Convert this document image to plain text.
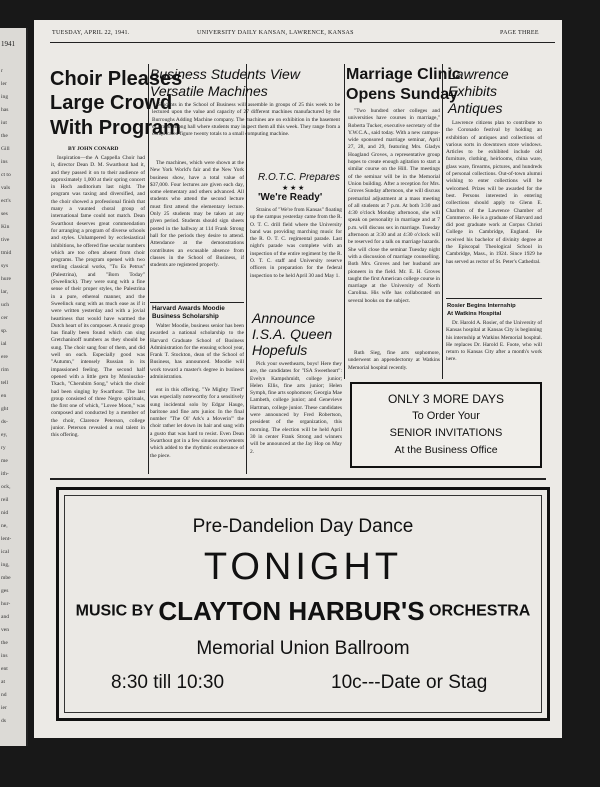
1941
r
ler
ing
has
iut
the
Gill
ins
ct to
vals
ect's
ses
Kin
tive
tmid
sys
hure
lar,
uch
cer
sp.
ial
ere
rim
tell
en
ght
ds-
ey,
ry
me
ith-
ock,
reil
nid
ne,
lent-
ical
ing,
mbe
ges
hur-
and
ven
the
ins
ent
at
nd
ier
ds
TUESDAY, APRIL 22, 1941.	UNIVERSITY DAILY KANSAN, LAWRENCE, KANSAS	PAGE THREE
Choir Pleases
Large Crowd
With Program
BY JOHN CONARD

Inspiration—the A Cappella Choir had it, director Dean D. M. Swarthout had it, and they passed it on to their audience of approximately 1,000 at their spring concert in Hoch auditorium last night. The program was taxing and diversified, and the choir showed a professional finish that many a vaunted choral group of international fame could not match. Dean Swarthout deserves great commendation for arranging a program of diverse schools and styles. Unhampered by ecclesiastical inhibitions, he offered fine secular numbers which are too often absent from choir programs. The program opened with two sterling classical works, "Tu Es Petrus" (Palestrina), and "Born Today" (Sweelinck). They were sung with a fine sense of their proper styles, the Palestrina in a pure, ethereal manner, and the Sweelinck sung with as much ease as if it were written yesterday and with a jovial heartiness that would have warmed the Dutch heart of its composer. A music group has finally been found which can sing Gretchaninoff numbers as they should be sung. The choir sang four of them, and did well on each. Especially good was "Autumn," intensely Russian in its impassioned feeling. The second half opened with a little gem by Moniuszko-Tkach, "Cherubim Song," which the choir had been singing by Swarthout. The last group consisted of three Negro spirituals, the first one of which, "Lovee Moon," was composed and conducted by a member of the choir, Clarence Peterson, college junior. Peterson revealed a real talent in this offering.

Business Students View
Versatile Machines

Students in the School of Business will assemble in groups of 25 this week to be lectured upon the value and capacity of 27 different machines manufactured by the Burroughs Adding Machine company. The machines are on exhibition in the basement of Frank Strong hall where students may inspect them all this week. They range from a complicated figure twenty totals to a small computing machine.

The machines, which were shown at the New York World's fair and the New York business show, have a total value of $37,000. Four lectures are given each day, some elementary and others advanced. All students who attend the second lecture must first attend the elementary lecture. Only 25 students may be taken at any given period. Students should sign sheets posted in the hallway at 114 Frank Strong hall for the periods they desire to attend. Attendance at the demonstrations contributes an excusable absence from classes in the School of Business, if students are registered properly.

Harvard Awards Moodie
Business Scholarship

Walter Moodie, business senior has been awarded a national scholarship to the Harvard Graduate School of Business Administration for the ensuing school year, Frank T. Stockton, dean of the School of Business, has announced. Moodie will work toward a master's degree in business administration.

ent in this offering. "Ye Mighty Tired" was especially noteworthy for a sensitively sung incidental solo by Edgar Hauge, baritone and fine arts junior. In the final number "The Ol' Ark's a Moverin'" the choir rather let down its hair and sang with a gusto that was hard to resist. Even Dean Swarthout got in a few sinuous movements which added to the rhythmic exuberance of the piece.

R.O.T.C. Prepares
★ ★ ★
'We're Ready'

Strains of "We're from Kansas" floating up the campus yesterday came from the R. O. T. C. drill field where the University band was providing marching music for the R. O. T. C. regimental parade. Last night's parade was complete with an inspection of the entire regiment by the R. O. T. C. staff and University reserve officers in preparation for the federal inspection to be held April 30 and May 1.

Announce
I.S.A. Queen
Hopefuls

Pick your sweethearts, boys! Here they are, the candidates for "ISA Sweetheart": Evelyn Kampshmidt, college junior; Helen Ellis, fine arts junior; Helen Symph, fine arts sophomore; Georgia Mae Lambeth, college junior; and Genevieve Hartman, college junior. These candidates were announced by Fred Robertson, president of the organization, this morning. The election will be held April 30 in center Frank Strong and winners will be announced at the Jay Hop on May 2.

Marriage Clinic
Opens Sunday

"Two hundred other colleges and universities have courses in marriage," Roberta Tucker, executive secretary of the Y.W.C.A., said today. With a new campus-wide sponsored marriage seminar, April 27, 28, and 29, featuring Mrs. Gladys Hoagland Groves, a representative group hopes to create enough agitation to start a similar course on the Hill. The meetings of the seminar will be in the Memorial Union building. After a reception for Mrs. Groves Sunday afternoon, she will discuss premarital adjustment at a mass meeting of all students at 7 p.m. At both 3:30 and 4:30 o'clock Monday afternoon, she will speak on personality in marriage and at 7 p.m. will discuss sex in marriage. Tuesday afternoon at 3:30 and at 4:30 o'clock will be reserved for a talk on marriage hazards. She will close the seminar Tuesday night with a discussion of marriage counselling. Both Mrs. Groves and her husband are pioneers in the field. Mr. E. H. Groves taught the first American college course in marriage at the University of North Carolina. His wife has collaborated on several books on the subject.

Ruth Sieg, fine arts sophomore, underwent an appendectomy at Watkins Memorial hospital recently.

Lawrence
Exhibits
Antiques

Lawrence citizens plan to contribute to the Coronado festival by holding an exhibition of antiques and collections of various sorts in downtown store windows. Articles to be exhibited include old furniture, clothing, heirlooms, china ware, glass ware, firearms, pictures, and hundreds of personal collections. Out-of-town alumni wishing to enter collections will be welcomed. Prizes will be awarded for the best. Persons interested in entering collections should apply to Glenn E. Charlton of the Lawrence Chamber of Commerce. He is a graduate of Harvard and did post graduate work at Corpus Christi College in Cambridge, England. He received his bachelor of divinity degree at the Episcopal Theological School in Cambridge, Mass., in 1924. Since 1929 he has served as rector of St. Peter's Cathedral.

Rosier Begins Internship
At Watkins Hospital

Dr. Harold A. Rosier, of the University of Kansas hospital at Kansas City is beginning his internship at Watkins Memorial hospital. He replaces Dr. Harold E. Foote, who will return to Kansas City after a month's work here.

ONLY 3 MORE DAYS
To Order Your
SENIOR INVITATIONS
At the Business Office
Pre-Dandelion Day Dance
TONIGHT
MUSIC BY CLAYTON HARBUR'S ORCHESTRA
Memorial Union Ballroom
8:30 till 10:30	10c---Date or Stag
